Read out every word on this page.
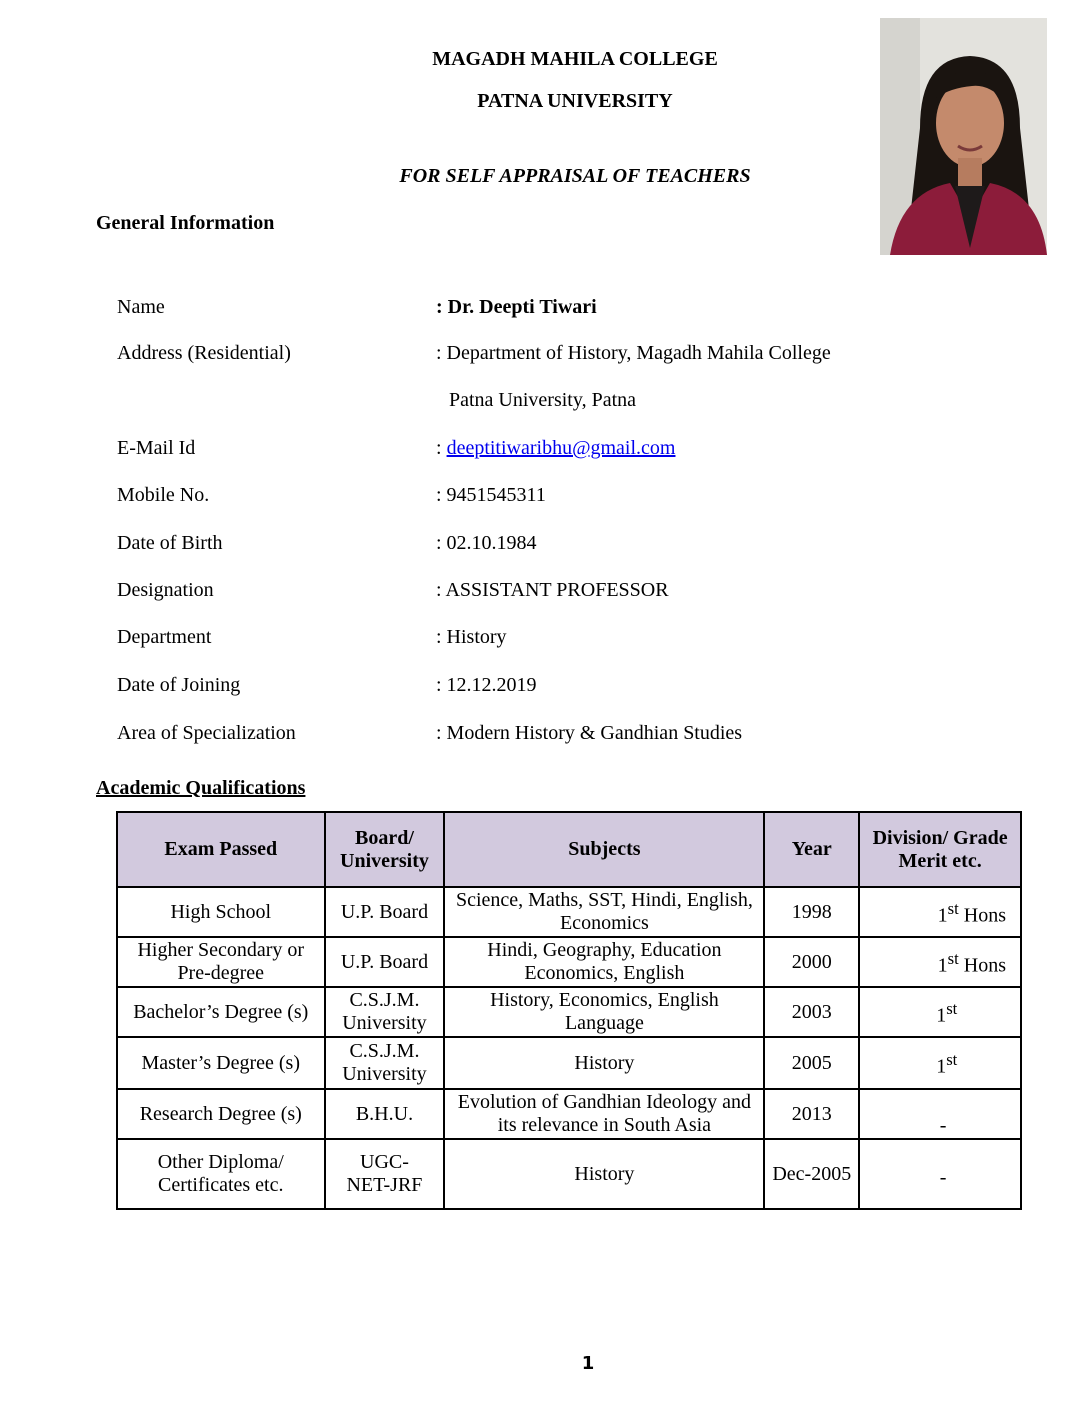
MAGADH MAHILA COLLEGE
PATNA UNIVERSITY
FOR SELF APPRAISAL OF TEACHERS
General Information
Name	: Dr. Deepti Tiwari
Address (Residential)	: Department of History, Magadh Mahila College
Patna University, Patna
E-Mail Id	: deeptitiwaribhu@gmail.com
Mobile No.	: 9451545311
Date of Birth	: 02.10.1984
Designation	: ASSISTANT PROFESSOR
Department	: History
Date of Joining	: 12.12.2019
Area of Specialization	: Modern History & Gandhian Studies
Academic Qualifications
Exam Passed	Board/ University	Subjects	Year	Division/ Grade Merit etc.
High School	U.P. Board	Science, Maths, SST, Hindi, English, Economics	1998	1st Hons
Higher Secondary or Pre-degree	U.P. Board	Hindi, Geography, Education Economics, English	2000	1st Hons
Bachelor’s Degree (s)	C.S.J.M. University	History, Economics, English Language	2003	1st
Master’s Degree (s)	C.S.J.M. University	History	2005	1st
Research Degree (s)	B.H.U.	Evolution of Gandhian Ideology and its relevance in South Asia	2013	-
Other Diploma/ Certificates etc.	UGC-NET-JRF	History	Dec-2005	-
1
